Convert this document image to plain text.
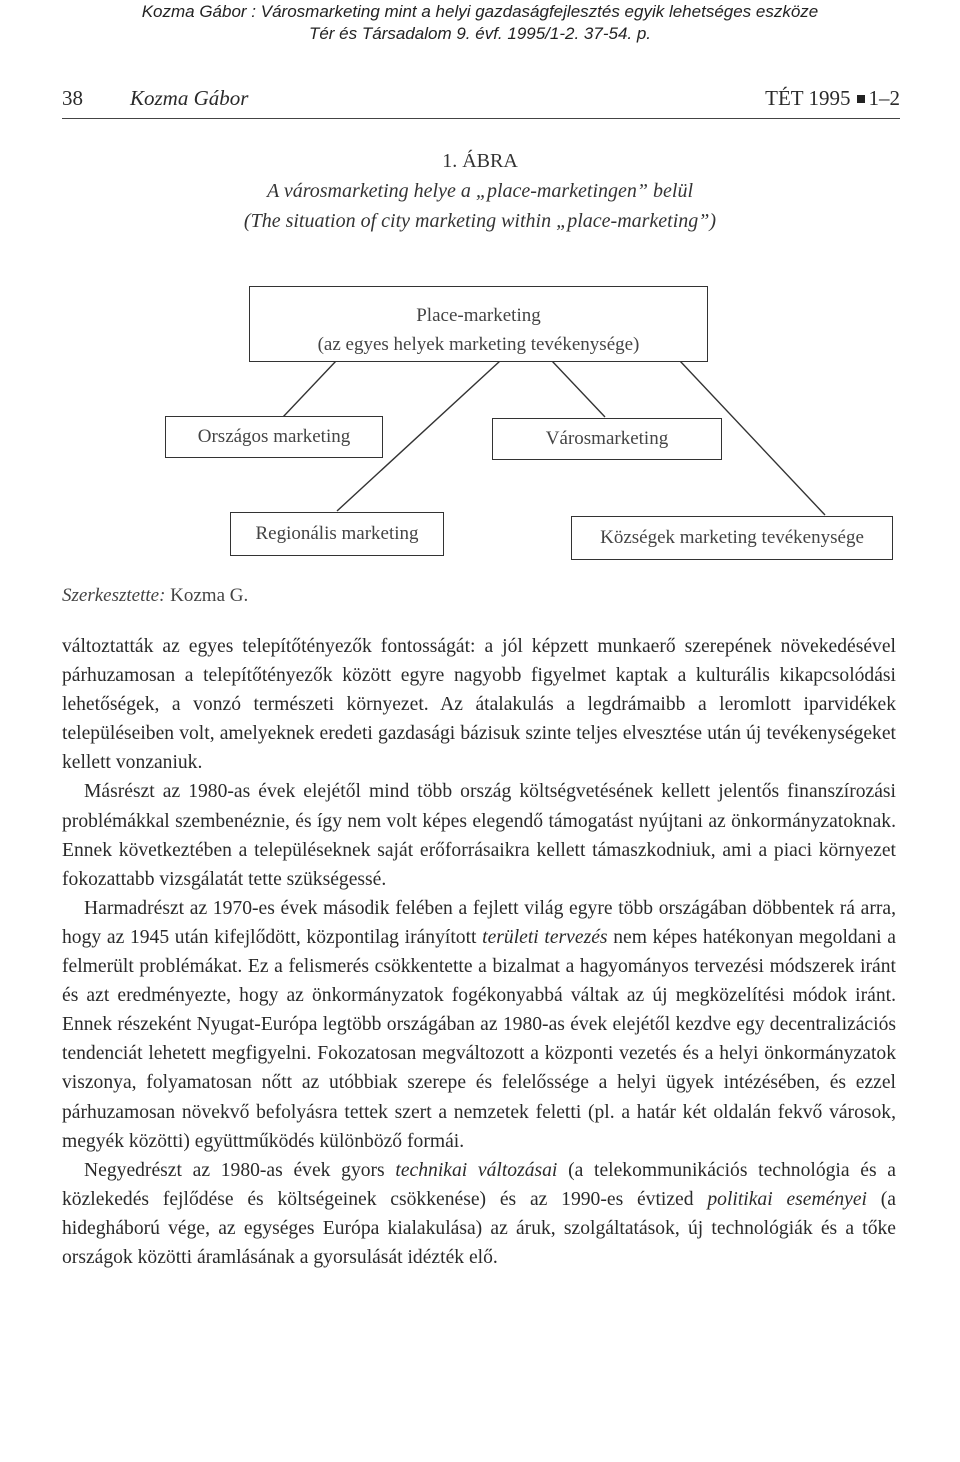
Kozma Gábor : Városmarketing mint a helyi gazdaságfejlesztés egyik lehetséges eszköze
Tér és Társadalom 9. évf. 1995/1-2. 37-54. p.
38 Kozma Gábor	TÉT 1995 1–2
1. ÁBRA
A városmarketing helye a „place-marketingen” belül
(The situation of city marketing within „place-marketing”)
Place-marketing
(az egyes helyek marketing tevékenysége)
Országos marketing	Városmarketing
Regionális marketing	Községek marketing tevékenysége
Szerkesztette: Kozma G.

változtatták az egyes telepítőtényezők fontosságát: a jól képzett munkaerő szerepének növekedésével párhuzamosan a telepítőtényezők között egyre nagyobb figyelmet kaptak a kulturális kikapcsolódási lehetőségek, a vonzó természeti környezet. Az átalakulás a legdrámaibb a leromlott iparvidékek településeiben volt, amelyeknek eredeti gazdasági bázisuk szinte teljes elvesztése után új tevékenységeket kellett vonzaniuk.

Másrészt az 1980-as évek elejétől mind több ország költségvetésének kellett jelentős finanszírozási problémákkal szembenéznie, és így nem volt képes elegendő támogatást nyújtani az önkormányzatoknak. Ennek következtében a településeknek saját erőforrásaikra kellett támaszkodniuk, ami a piaci környezet fokozattabb vizsgálatát tette szükségessé.

Harmadrészt az 1970-es évek második felében a fejlett világ egyre több országában döbbentek rá arra, hogy az 1945 után kifejlődött, központilag irányított területi tervezés nem képes hatékonyan megoldani a felmerült problémákat. Ez a felismerés csökkentette a bizalmat a hagyományos tervezési módszerek iránt és azt eredményezte, hogy az önkormányzatok fogékonyabbá váltak az új megközelítési módok iránt. Ennek részeként Nyugat-Európa legtöbb országában az 1980-as évek elejétől kezdve egy decentralizációs tendenciát lehetett megfigyelni. Fokozatosan megváltozott a központi vezetés és a helyi önkormányzatok viszonya, folyamatosan nőtt az utóbbiak szerepe és felelőssége a helyi ügyek intézésében, és ezzel párhuzamosan növekvő befolyásra tettek szert a nemzetek feletti (pl. a határ két oldalán fekvő városok, megyék közötti) együttműködés különböző formái.

Negyedrészt az 1980-as évek gyors technikai változásai (a telekommunikációs technológia és a közlekedés fejlődése és költségeinek csökkenése) és az 1990-es évtized politikai eseményei (a hidegháború vége, az egységes Európa kialakulása) az áruk, szolgáltatások, új technológiák és a tőke országok közötti áramlásának a gyorsulását idézték elő.
